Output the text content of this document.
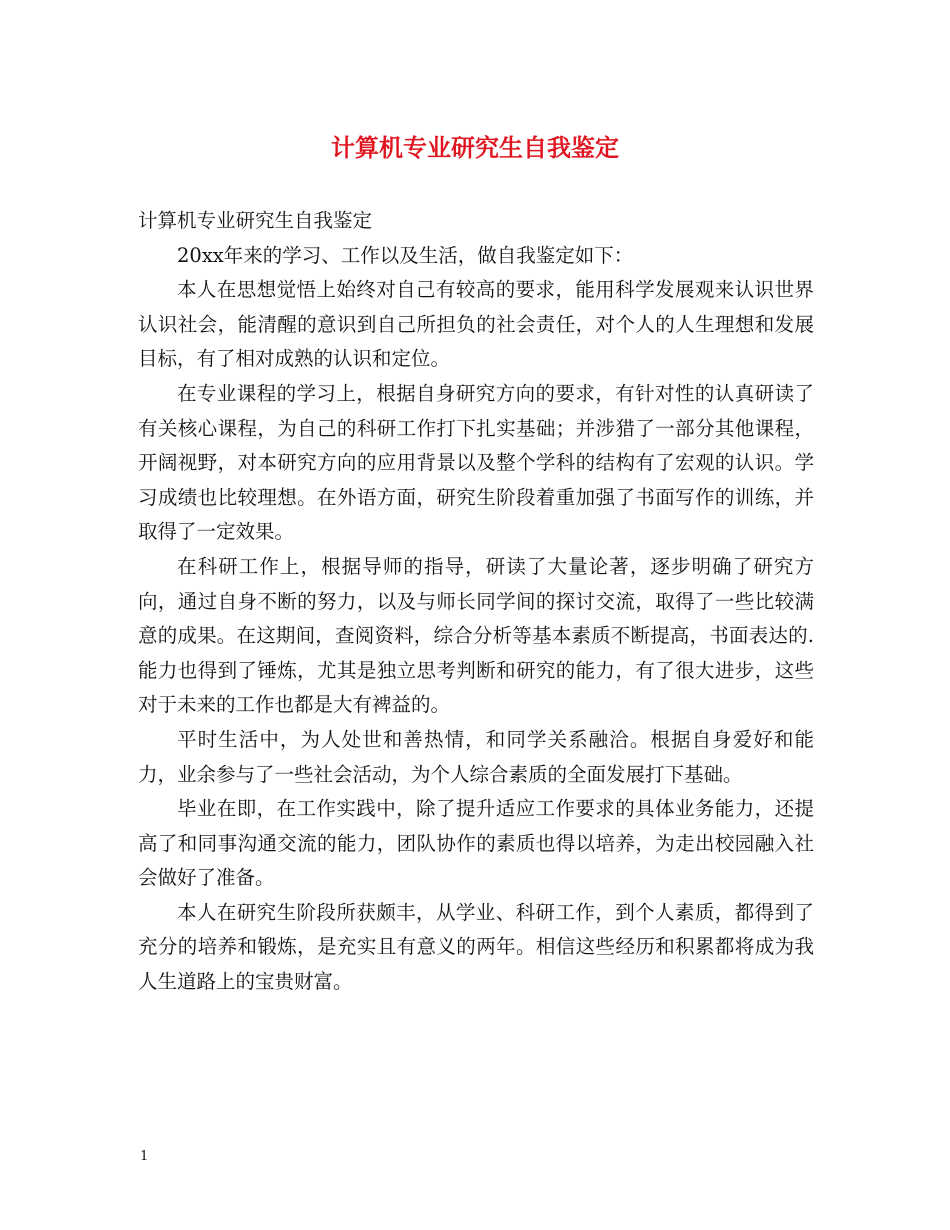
计算机专业研究生自我鉴定

计算机专业研究生自我鉴定

20xx年来的学习、工作以及生活，做自我鉴定如下：

本人在思想觉悟上始终对自己有较高的要求，能用科学发展观来认识世界认识社会，能清醒的意识到自己所担负的社会责任，对个人的人生理想和发展目标，有了相对成熟的认识和定位。

在专业课程的学习上，根据自身研究方向的要求，有针对性的认真研读了有关核心课程，为自己的科研工作打下扎实基础；并涉猎了一部分其他课程，开阔视野，对本研究方向的应用背景以及整个学科的结构有了宏观的认识。学习成绩也比较理想。在外语方面，研究生阶段着重加强了书面写作的训练，并取得了一定效果。

在科研工作上，根据导师的指导，研读了大量论著，逐步明确了研究方向，通过自身不断的努力，以及与师长同学间的探讨交流，取得了一些比较满意的成果。在这期间，查阅资料，综合分析等基本素质不断提高，书面表达的.能力也得到了锤炼，尤其是独立思考判断和研究的能力，有了很大进步，这些对于未来的工作也都是大有裨益的。

平时生活中，为人处世和善热情，和同学关系融洽。根据自身爱好和能力，业余参与了一些社会活动，为个人综合素质的全面发展打下基础。

毕业在即，在工作实践中，除了提升适应工作要求的具体业务能力，还提高了和同事沟通交流的能力，团队协作的素质也得以培养，为走出校园融入社会做好了准备。

本人在研究生阶段所获颇丰，从学业、科研工作，到个人素质，都得到了充分的培养和锻炼，是充实且有意义的两年。相信这些经历和积累都将成为我人生道路上的宝贵财富。

1
